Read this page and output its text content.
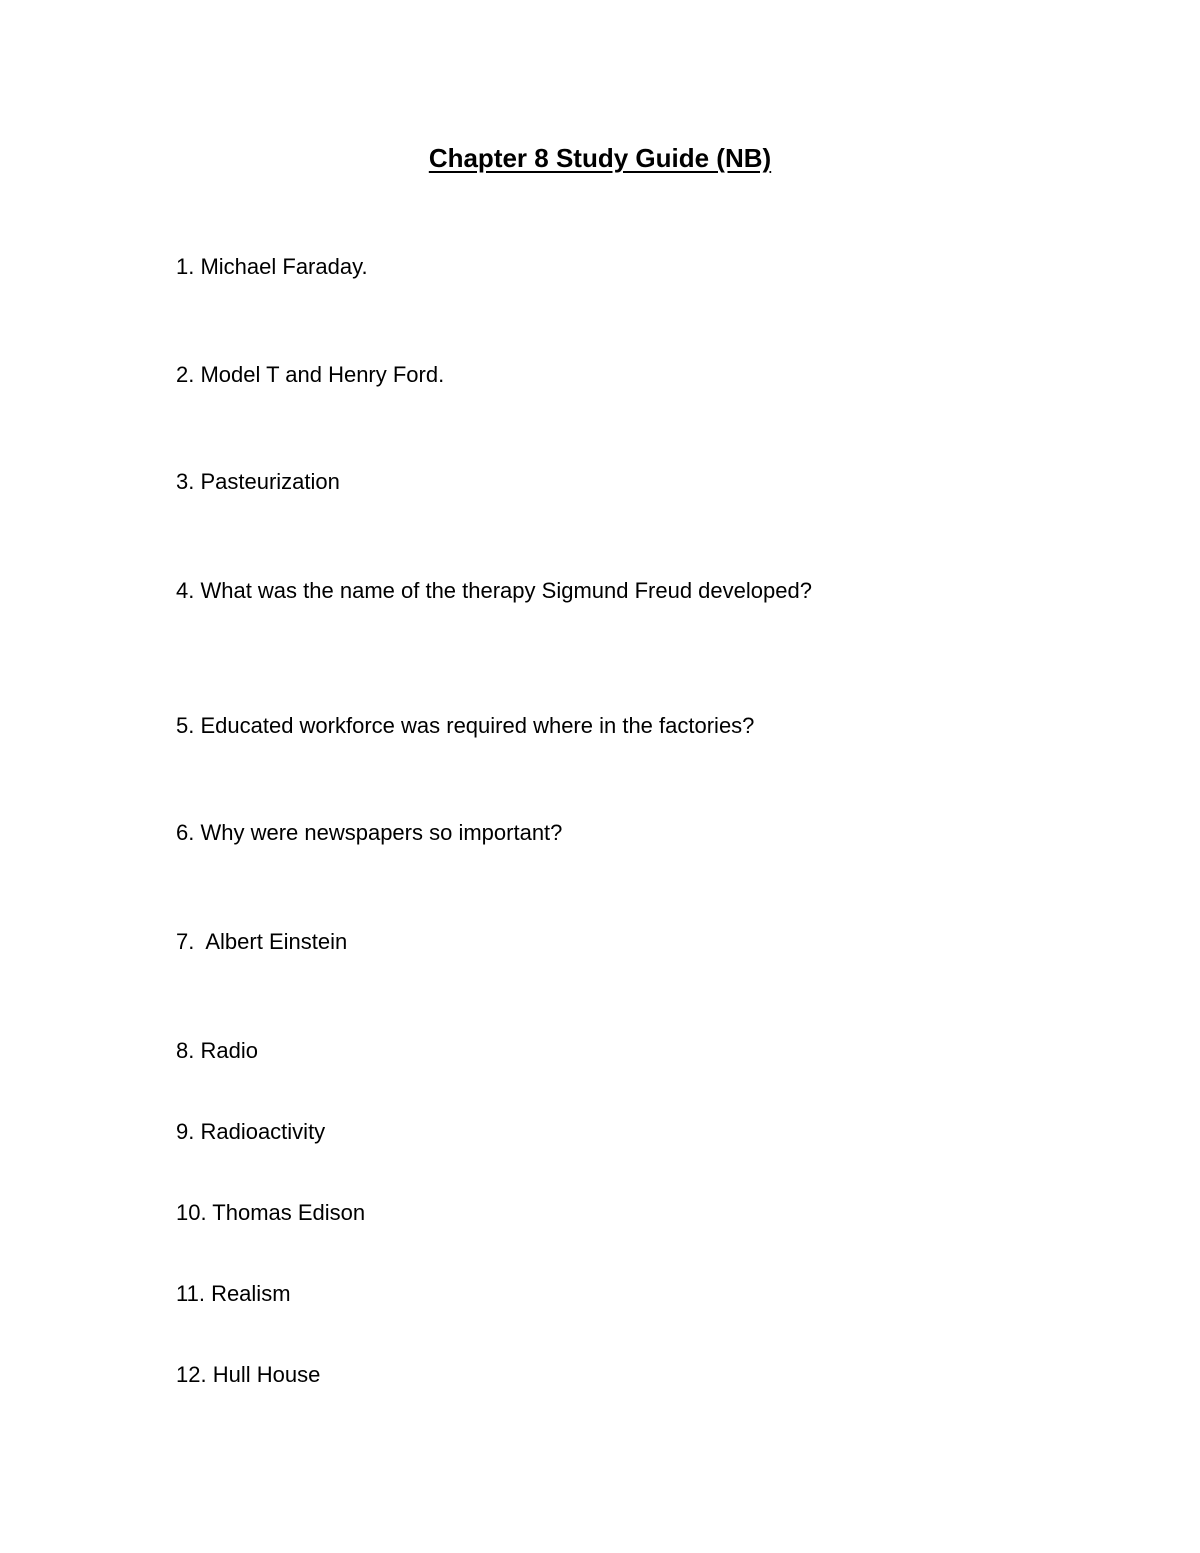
Chapter 8 Study Guide (NB)

1. Michael Faraday.

2. Model T and Henry Ford.

3. Pasteurization

4. What was the name of the therapy Sigmund Freud developed?

5. Educated workforce was required where in the factories?

6. Why were newspapers so important?

7.  Albert Einstein

8. Radio

9. Radioactivity

10. Thomas Edison

11. Realism

12. Hull House
